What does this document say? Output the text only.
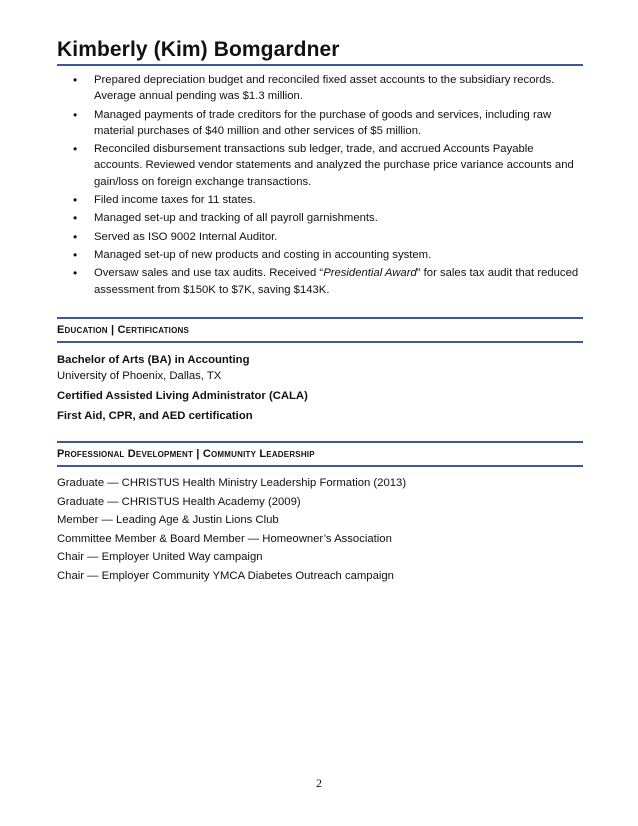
Kimberly (Kim) Bomgardner
• Prepared depreciation budget and reconciled fixed asset accounts to the subsidiary records. Average annual pending was $1.3 million.
• Managed payments of trade creditors for the purchase of goods and services, including raw material purchases of $40 million and other services of $5 million.
• Reconciled disbursement transactions sub ledger, trade, and accrued Accounts Payable accounts. Reviewed vendor statements and analyzed the purchase price variance accounts and gain/loss on foreign exchange transactions.
• Filed income taxes for 11 states.
• Managed set-up and tracking of all payroll garnishments.
• Served as ISO 9002 Internal Auditor.
• Managed set-up of new products and costing in accounting system.
• Oversaw sales and use tax audits. Received “Presidential Award” for sales tax audit that reduced assessment from $150K to $7K, saving $143K.
Education | Certifications
Bachelor of Arts (BA) in Accounting
University of Phoenix, Dallas, TX
Certified Assisted Living Administrator (CALA)
First Aid, CPR, and AED certification
Professional Development | Community Leadership
Graduate — CHRISTUS Health Ministry Leadership Formation (2013)
Graduate — CHRISTUS Health Academy (2009)
Member — Leading Age & Justin Lions Club
Committee Member & Board Member — Homeowner’s Association
Chair — Employer United Way campaign
Chair — Employer Community YMCA Diabetes Outreach campaign
2
